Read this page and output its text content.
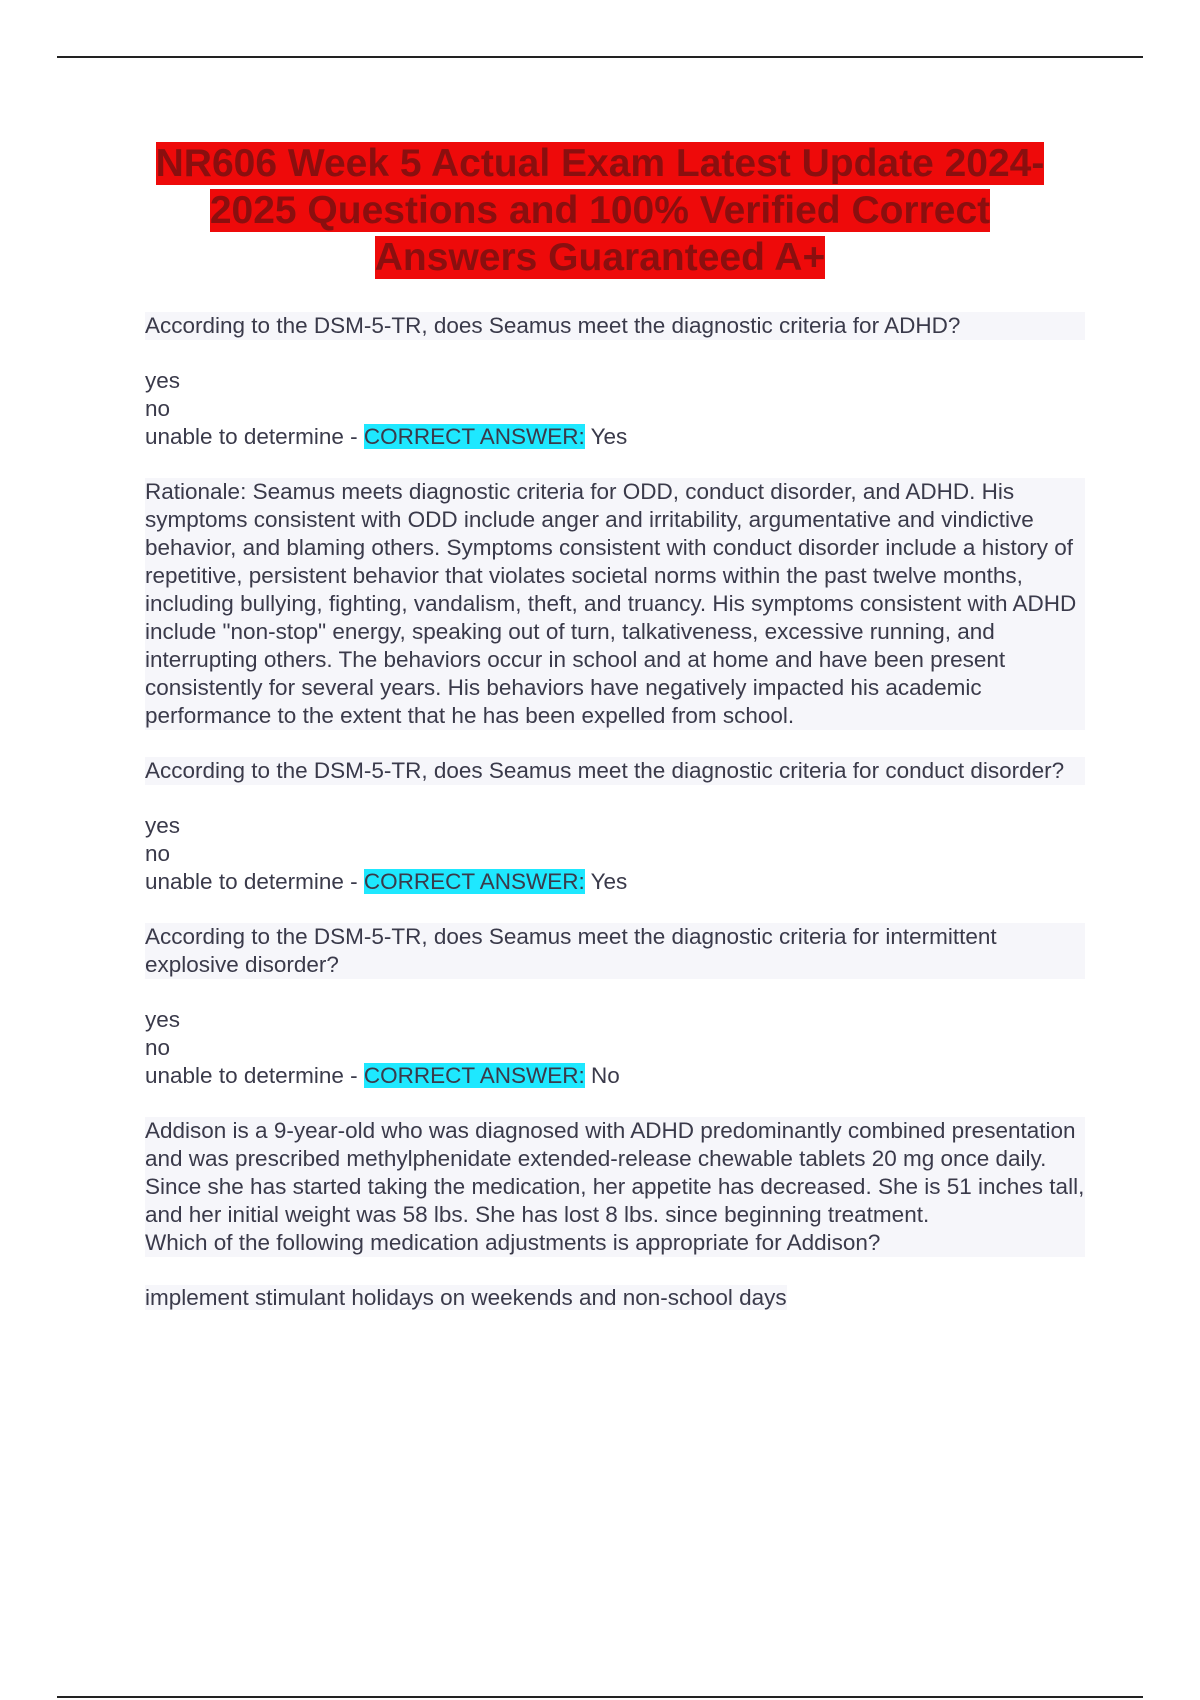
NR606 Week 5 Actual Exam Latest Update 2024-2025 Questions and 100% Verified Correct Answers Guaranteed A+

According to the DSM-5-TR, does Seamus meet the diagnostic criteria for ADHD?

yes

no

unable to determine - CORRECT ANSWER: Yes

Rationale: Seamus meets diagnostic criteria for ODD, conduct disorder, and ADHD. His symptoms consistent with ODD include anger and irritability, argumentative and vindictive behavior, and blaming others. Symptoms consistent with conduct disorder include a history of repetitive, persistent behavior that violates societal norms within the past twelve months, including bullying, fighting, vandalism, theft, and truancy. His symptoms consistent with ADHD include "non-stop" energy, speaking out of turn, talkativeness, excessive running, and interrupting others. The behaviors occur in school and at home and have been present consistently for several years. His behaviors have negatively impacted his academic performance to the extent that he has been expelled from school.

According to the DSM-5-TR, does Seamus meet the diagnostic criteria for conduct disorder?

yes

no

unable to determine - CORRECT ANSWER: Yes

According to the DSM-5-TR, does Seamus meet the diagnostic criteria for intermittent explosive disorder?

yes

no

unable to determine - CORRECT ANSWER: No

Addison is a 9-year-old who was diagnosed with ADHD predominantly combined presentation and was prescribed methylphenidate extended-release chewable tablets 20 mg once daily. Since she has started taking the medication, her appetite has decreased. She is 51 inches tall, and her initial weight was 58 lbs. She has lost 8 lbs. since beginning treatment.

Which of the following medication adjustments is appropriate for Addison?

implement stimulant holidays on weekends and non-school days
